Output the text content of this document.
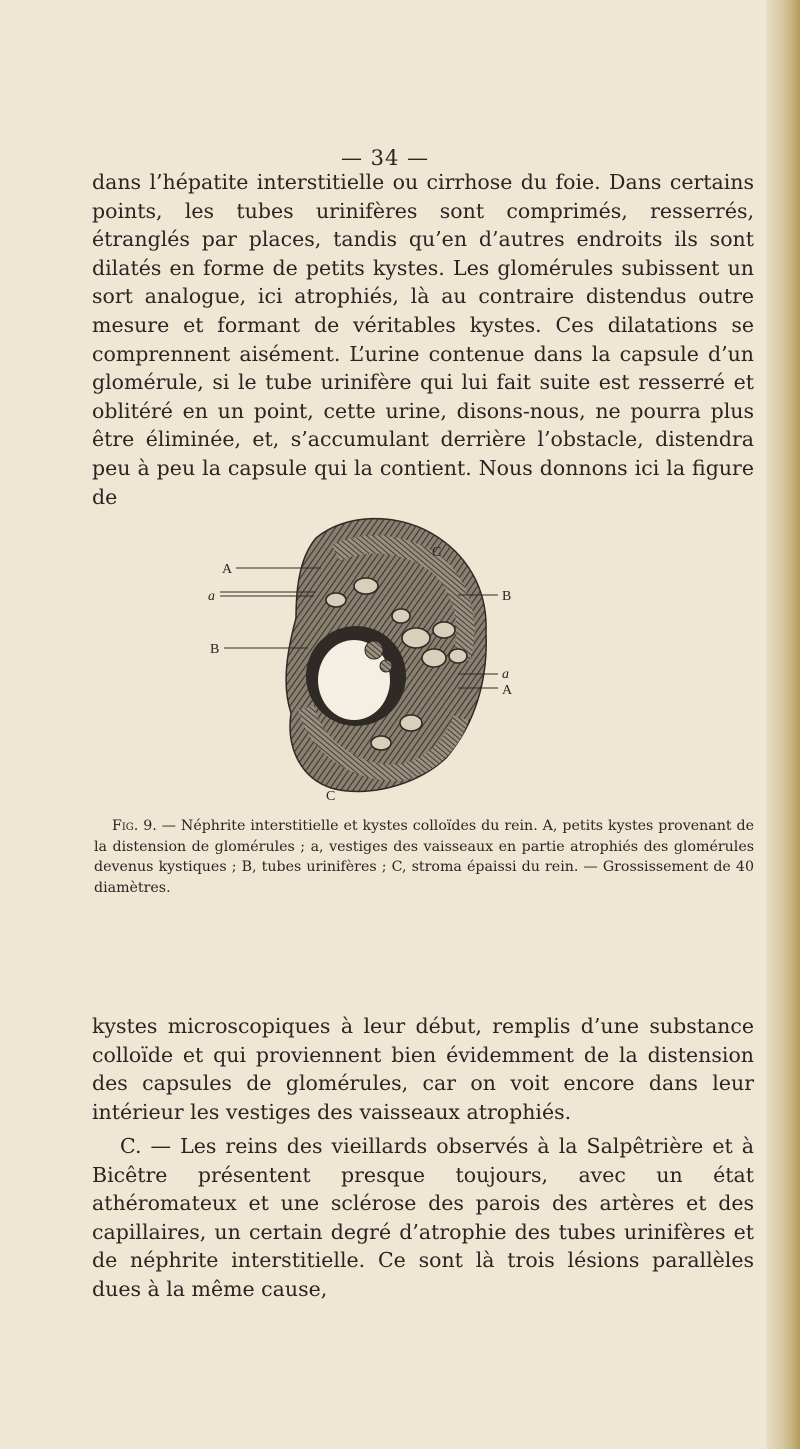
— 34 —

dans l’hépatite interstitielle ou cirrhose du foie. Dans certains points, les tubes urinifères sont comprimés, resserrés, étranglés par places, tandis qu’en d’autres endroits ils sont dilatés en forme de petits kystes. Les glomérules subissent un sort analogue, ici atrophiés, là au contraire distendus outre mesure et formant de véritables kystes. Ces dilatations se comprennent aisément. L’urine contenue dans la capsule d’un glomérule, si le tube urinifère qui lui fait suite est resserré et oblitéré en un point, cette urine, disons-nous, ne pourra plus être éliminée, et, s’accumulant derrière l’obstacle, distendra peu à peu la capsule qui la contient. Nous donnons ici la figure de

A
a
B
C
B
a
A
C
Fig. 9. — Néphrite interstitielle et kystes colloïdes du rein. A, petits kystes provenant de la distension de glomérules ; a, vestiges des vaisseaux en partie atrophiés des glomérules devenus kystiques ; B, tubes urinifères ; C, stroma épaissi du rein. — Grossissement de 40 diamètres.

kystes microscopiques à leur début, remplis d’une substance colloïde et qui proviennent bien évidemment de la distension des capsules de glomérules, car on voit encore dans leur intérieur les vestiges des vaisseaux atrophiés.

C. — Les reins des vieillards observés à la Salpêtrière et à Bicêtre présentent presque toujours, avec un état athéromateux et une sclérose des parois des artères et des capillaires, un certain degré d’atrophie des tubes urinifères et de néphrite interstitielle. Ce sont là trois lésions parallèles dues à la même cause,
